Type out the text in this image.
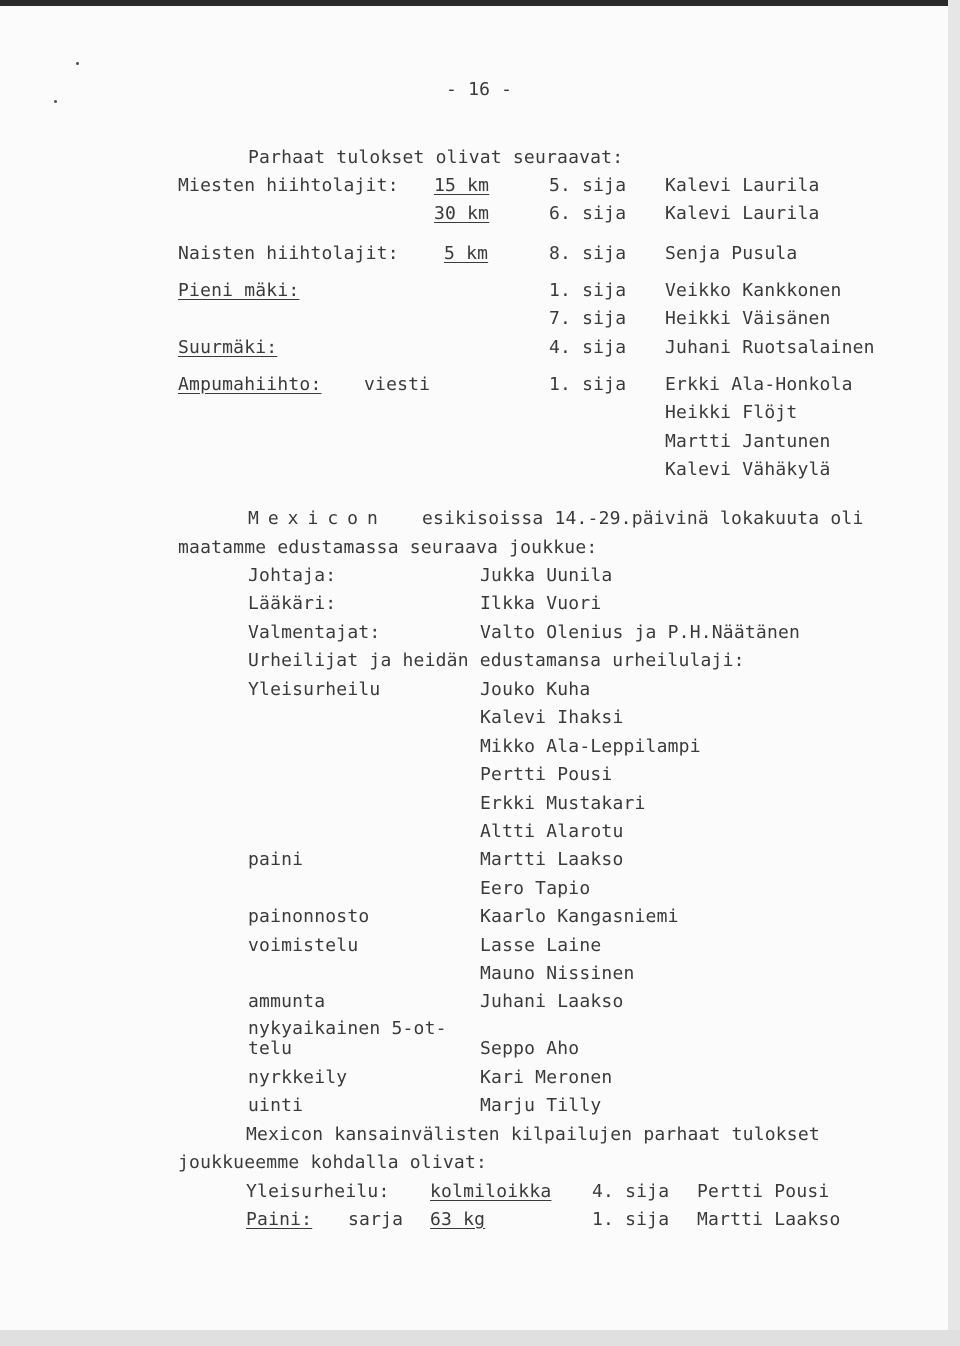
- 16 -
Parhaat tulokset olivat seuraavat:
Miesten hiihtolajit: 15 km	5. sija Kalevi Laurila
30 km	6. sija Kalevi Laurila
Naisten hiihtolajit:	5 km	8. sija Senja Pusula
Pieni mäki:	1. sija Veikko Kankkonen
7. sija Heikki Väisänen
Suurmäki:	4. sija Juhani Ruotsalainen
Ampumahiihto: viesti	1. sija Erkki Ala-Honkola
Heikki Flöjt
Martti Jantunen
Kalevi Vähäkylä
Mexicon esikisoissa 14.-29.päivinä lokakuuta oli
maatamme edustamassa seuraava joukkue:
Johtaja:	Jukka Uunila
Lääkäri:	Ilkka Vuori
Valmentajat:	Valto Olenius ja P.H.Näätänen
Urheilijat ja heidän edustamansa urheilulaji:
Yleisurheilu	Jouko Kuha
Kalevi Ihaksi
Mikko Ala-Leppilampi
Pertti Pousi
Erkki Mustakari
Altti Alarotu
paini	Martti Laakso
Eero Tapio
painonnosto	Kaarlo Kangasniemi
voimistelu	Lasse Laine
Mauno Nissinen
ammunta	Juhani Laakso
nykyaikainen 5-ot-
telu	Seppo Aho
nyrkkeily	Kari Meronen
uinti	Marju Tilly
Mexicon kansainvälisten kilpailujen parhaat tulokset
joukkueemme kohdalla olivat:
Yleisurheilu: kolmiloikka 4. sija Pertti Pousi
Paini: sarja 63 kg	1. sija Martti Laakso
